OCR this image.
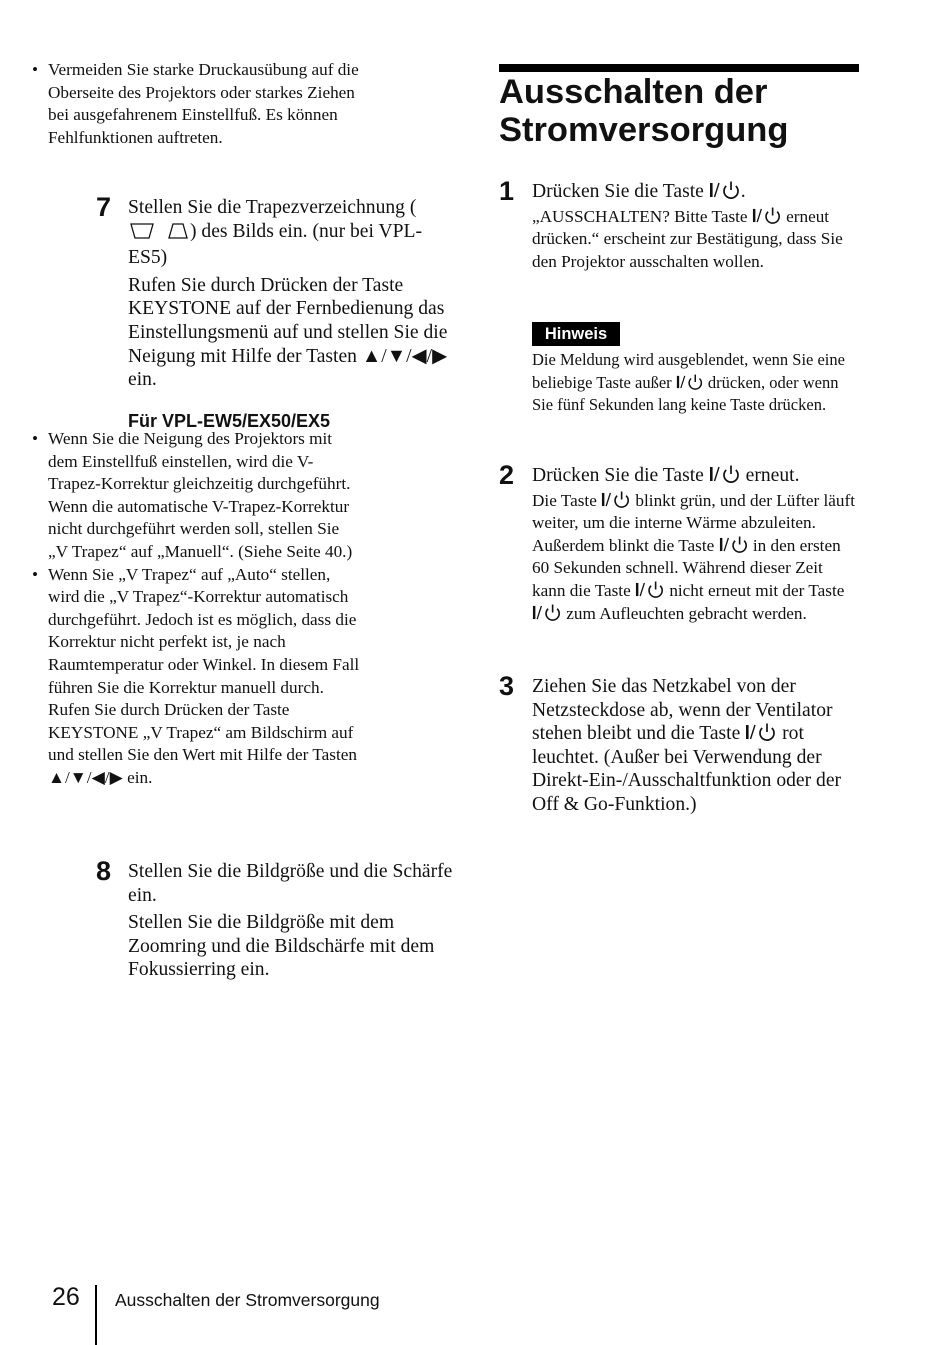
• Vermeiden Sie starke Druckausübung auf die Oberseite des Projektors oder starkes Ziehen bei ausgefahrenem Einstellfuß. Es können Fehlfunktionen auftreten.

7 Stellen Sie die Trapezverzeichnung () des Bilds ein. (nur bei VPL-ES5)

Rufen Sie durch Drücken der Taste KEYSTONE auf der Fernbedienung das Einstellungsmenü auf und stellen Sie die Neigung mit Hilfe der Tasten ▲/▼/◀/▶ ein.

Für VPL-EW5/EX50/EX5

• Wenn Sie die Neigung des Projektors mit dem Einstellfuß einstellen, wird die V-Trapez-Korrektur gleichzeitig durchgeführt. Wenn die automatische V-Trapez-Korrektur nicht durchgeführt werden soll, stellen Sie „V Trapez“ auf „Manuell“. (Siehe Seite 40.)

• Wenn Sie „V Trapez“ auf „Auto“ stellen, wird die „V Trapez“-Korrektur automatisch durchgeführt. Jedoch ist es möglich, dass die Korrektur nicht perfekt ist, je nach Raumtemperatur oder Winkel. In diesem Fall führen Sie die Korrektur manuell durch.

Rufen Sie durch Drücken der Taste KEYSTONE „V Trapez“ am Bildschirm auf und stellen Sie den Wert mit Hilfe der Tasten ▲/▼/◀/▶ ein.

8 Stellen Sie die Bildgröße und die Schärfe ein.

Stellen Sie die Bildgröße mit dem Zoomring und die Bildschärfe mit dem Fokussierring ein.

Ausschalten der Stromversorgung
1 Drücken Sie die Taste
.

„AUSSCHALTEN? Bitte Taste
erneut drücken.“ erscheint zur Bestätigung, dass Sie den Projektor ausschalten wollen.

Hinweis

Die Meldung wird ausgeblendet, wenn Sie eine beliebige Taste außer
drücken, oder wenn Sie fünf Sekunden lang keine Taste drücken.

2 Drücken Sie die Taste
erneut.

Die Taste
blinkt grün, und der Lüfter läuft weiter, um die interne Wärme abzuleiten. Außerdem blinkt die Taste
in den ersten 60 Sekunden schnell. Während dieser Zeit kann die Taste
nicht erneut mit der Taste
zum Aufleuchten gebracht werden.

3 Ziehen Sie das Netzkabel von der Netzsteckdose ab, wenn der Ventilator stehen bleibt und die Taste
rot leuchtet. (Außer bei Verwendung der Direkt-Ein-/Ausschaltfunktion oder der Off & Go-Funktion.)

26 Ausschalten der Stromversorgung
